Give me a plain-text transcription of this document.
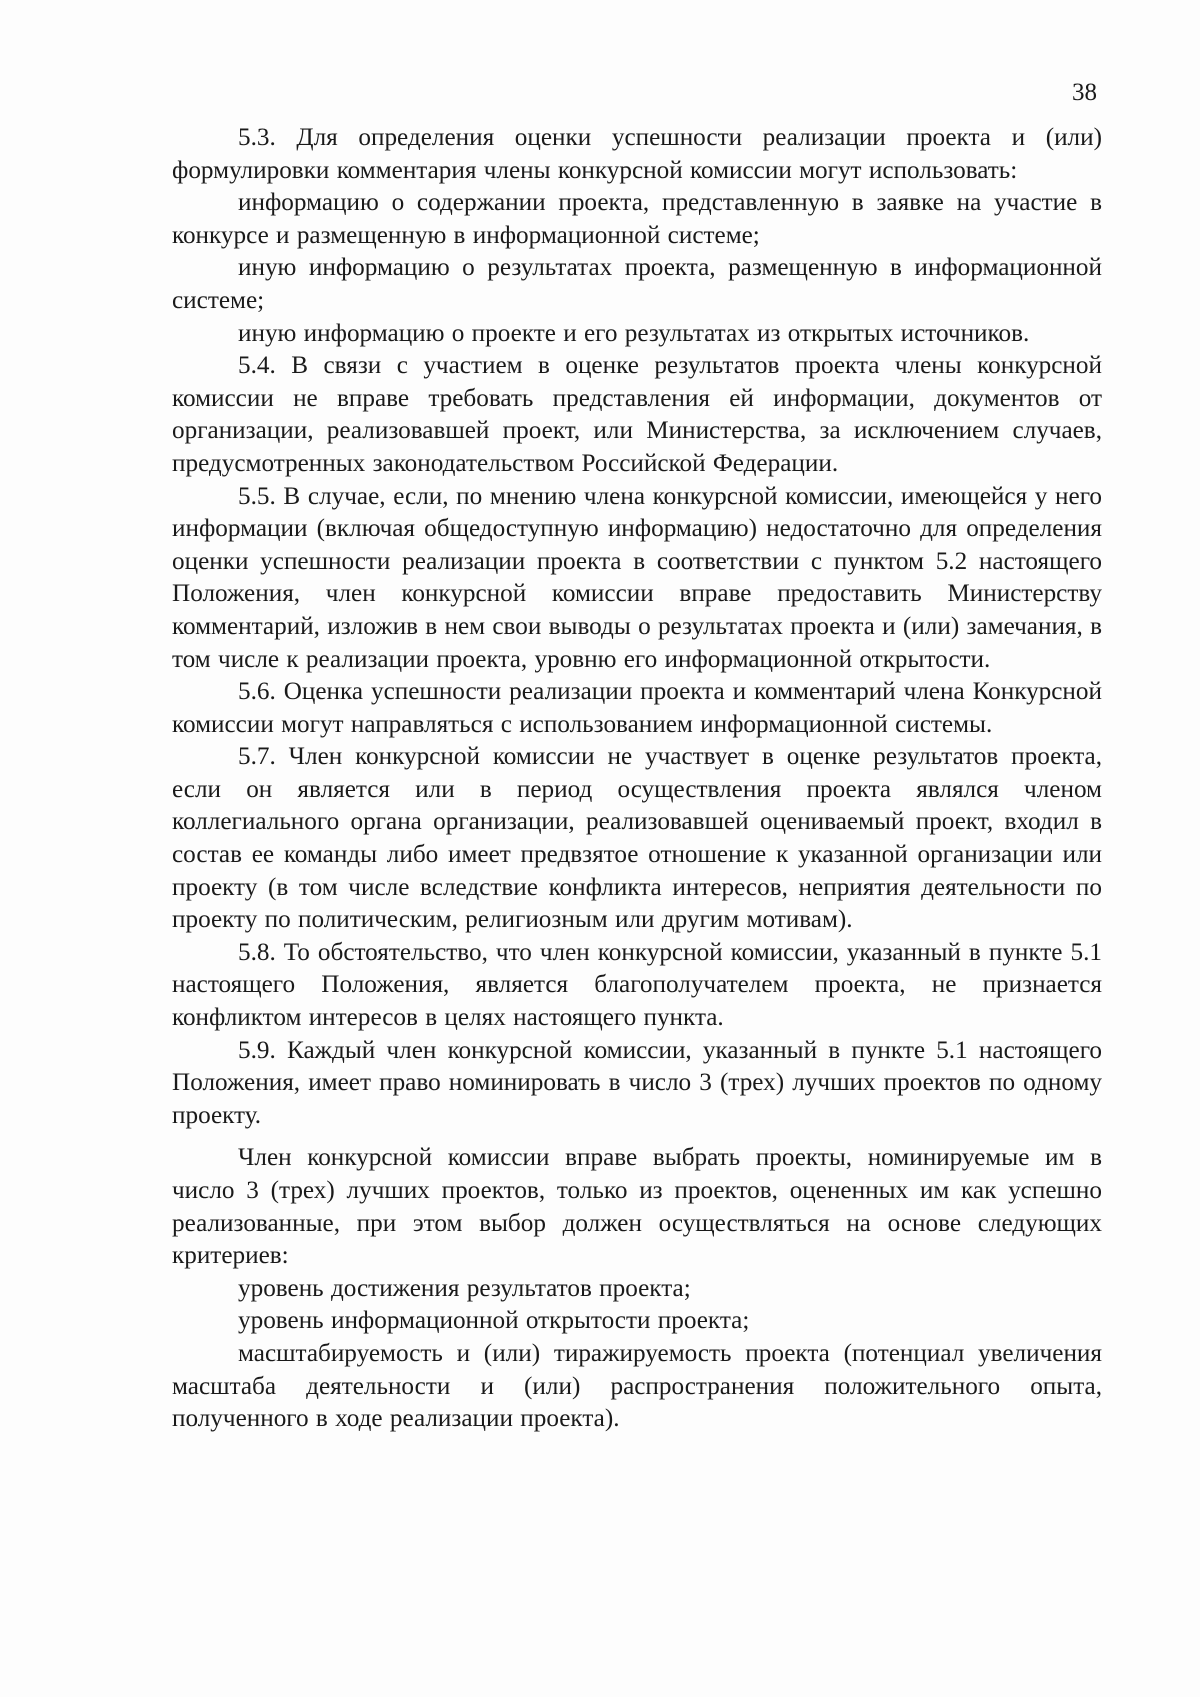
38

5.3. Для определения оценки успешности реализации проекта и (или) формулировки комментария члены конкурсной комиссии могут использовать:

информацию о содержании проекта, представленную в заявке на участие в конкурсе и размещенную в информационной системе;

иную информацию о результатах проекта, размещенную в информационной системе;

иную информацию о проекте и его результатах из открытых источников.

5.4. В связи с участием в оценке результатов проекта члены конкурсной комиссии не вправе требовать представления ей информации, документов от организации, реализовавшей проект, или Министерства, за исключением случаев, предусмотренных законодательством Российской Федерации.

5.5. В случае, если, по мнению члена конкурсной комиссии, имеющейся у него информации (включая общедоступную информацию) недостаточно для определения оценки успешности реализации проекта в соответствии с пунктом 5.2 настоящего Положения, член конкурсной комиссии вправе предоставить Министерству комментарий, изложив в нем свои выводы о результатах проекта и (или) замечания, в том числе к реализации проекта, уровню его информационной открытости.

5.6. Оценка успешности реализации проекта и комментарий члена Конкурсной комиссии могут направляться с использованием информационной системы.

5.7. Член конкурсной комиссии не участвует в оценке результатов проекта, если он является или в период осуществления проекта являлся членом коллегиального органа организации, реализовавшей оцениваемый проект, входил в состав ее команды либо имеет предвзятое отношение к указанной организации или проекту (в том числе вследствие конфликта интересов, неприятия деятельности по проекту по политическим, религиозным или другим мотивам).

5.8. То обстоятельство, что член конкурсной комиссии, указанный в пункте 5.1 настоящего Положения, является благополучателем проекта, не признается конфликтом интересов в целях настоящего пункта.

5.9. Каждый член конкурсной комиссии, указанный в пункте 5.1 настоящего Положения, имеет право номинировать в число 3 (трех) лучших проектов по одному проекту.

Член конкурсной комиссии вправе выбрать проекты, номинируемые им в число 3 (трех) лучших проектов, только из проектов, оцененных им как успешно реализованные, при этом выбор должен осуществляться на основе следующих критериев:

уровень достижения результатов проекта;

уровень информационной открытости проекта;

масштабируемость и (или) тиражируемость проекта (потенциал увеличения масштаба деятельности и (или) распространения положительного опыта, полученного в ходе реализации проекта).
